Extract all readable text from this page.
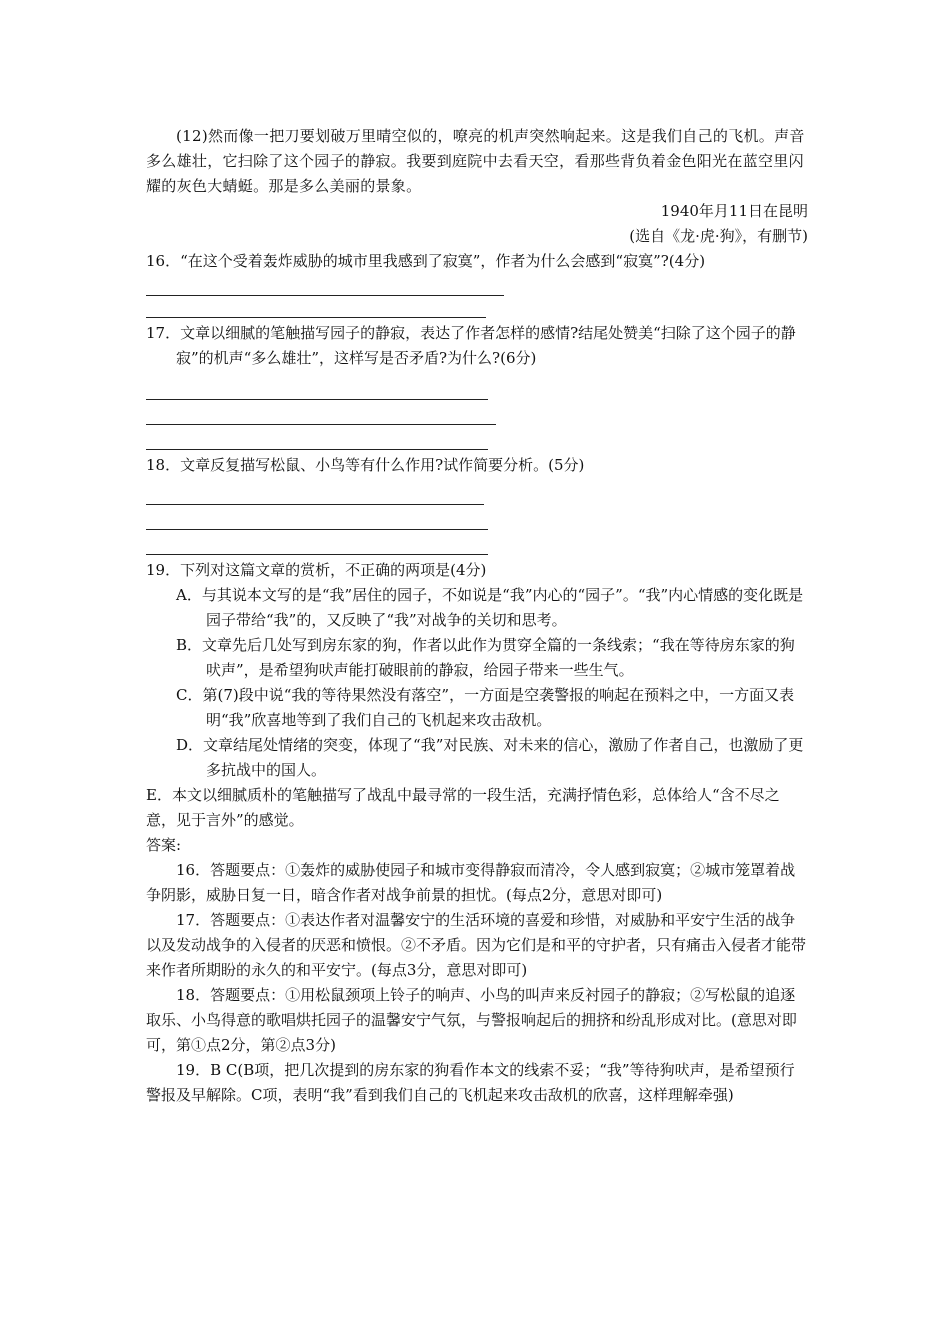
(12)然而像一把刀要划破万里晴空似的，嘹亮的机声突然响起来。这是我们自己的飞机。声音多么雄壮，它扫除了这个园子的静寂。我要到庭院中去看天空，看那些背负着金色阳光在蓝空里闪耀的灰色大蜻蜓。那是多么美丽的景象。

1940年月11日在昆明

(选自《龙·虎·狗》，有删节)

16．“在这个受着轰炸威胁的城市里我感到了寂寞”，作者为什么会感到“寂寞”?(4分)

17．文章以细腻的笔触描写园子的静寂，表达了作者怎样的感情?结尾处赞美“扫除了这个园子的静寂”的机声“多么雄壮”，这样写是否矛盾?为什么?(6分)

18．文章反复描写松鼠、小鸟等有什么作用?试作简要分析。(5分)

19．下列对这篇文章的赏析，不正确的两项是(4分)

A．与其说本文写的是“我”居住的园子，不如说是“我”内心的“园子”。“我”内心情感的变化既是园子带给“我”的，又反映了“我”对战争的关切和思考。

B．文章先后几处写到房东家的狗，作者以此作为贯穿全篇的一条线索；“我在等待房东家的狗吠声”，是希望狗吠声能打破眼前的静寂，给园子带来一些生气。

C．第(7)段中说“我的等待果然没有落空”，一方面是空袭警报的响起在预料之中，一方面又表明“我”欣喜地等到了我们自己的飞机起来攻击敌机。

D．文章结尾处情绪的突变，体现了“我”对民族、对未来的信心，激励了作者自己，也激励了更多抗战中的国人。

E．本文以细腻质朴的笔触描写了战乱中最寻常的一段生活，充满抒情色彩，总体给人“含不尽之意，见于言外”的感觉。

答案:

16．答题要点：①轰炸的威胁使园子和城市变得静寂而清冷，令人感到寂寞；②城市笼罩着战争阴影，威胁日复一日，暗含作者对战争前景的担忧。(每点2分，意思对即可)

17．答题要点：①表达作者对温馨安宁的生活环境的喜爱和珍惜，对威胁和平安宁生活的战争以及发动战争的入侵者的厌恶和愤恨。②不矛盾。因为它们是和平的守护者，只有痛击入侵者才能带来作者所期盼的永久的和平安宁。(每点3分，意思对即可)

18．答题要点：①用松鼠颈项上铃子的响声、小鸟的叫声来反衬园子的静寂；②写松鼠的追逐取乐、小鸟得意的歌唱烘托园子的温馨安宁气氛，与警报响起后的拥挤和纷乱形成对比。(意思对即可，第①点2分，第②点3分)

19．B C(B项，把几次提到的房东家的狗看作本文的线索不妥；“我”等待狗吠声，是希望预行警报及早解除。C项，表明“我”看到我们自己的飞机起来攻击敌机的欣喜，这样理解牵强)
